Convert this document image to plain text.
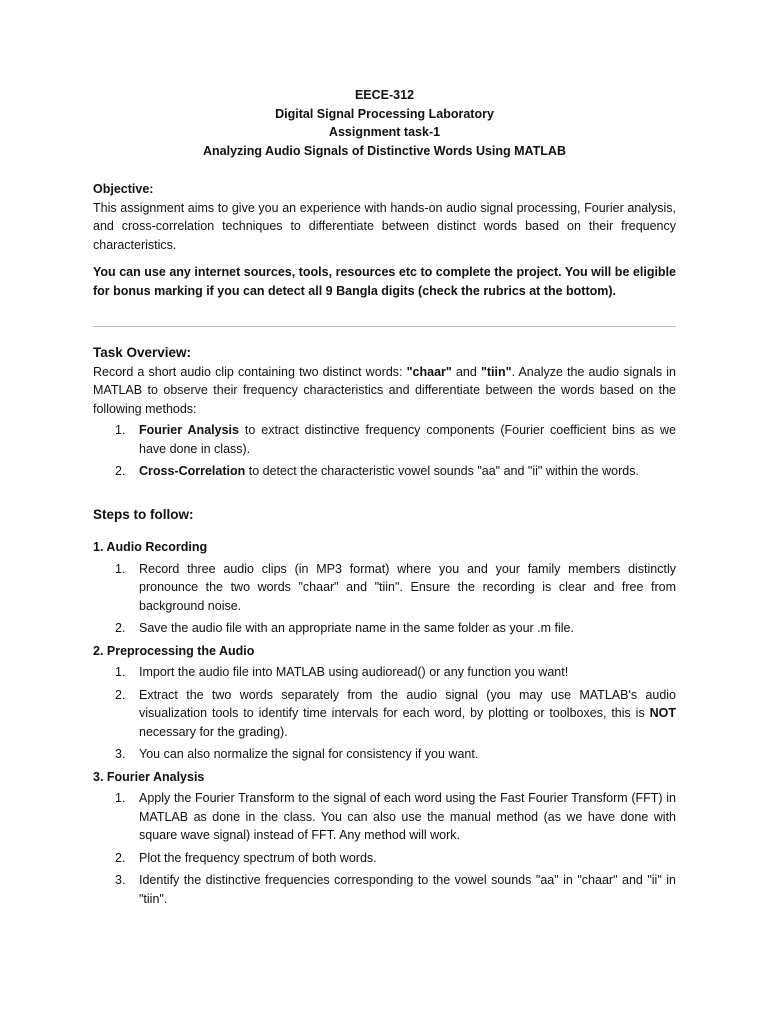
EECE-312
Digital Signal Processing Laboratory
Assignment task-1
Analyzing Audio Signals of Distinctive Words Using MATLAB
Objective:
This assignment aims to give you an experience with hands-on audio signal processing, Fourier analysis, and cross-correlation techniques to differentiate between distinct words based on their frequency characteristics.
You can use any internet sources, tools, resources etc to complete the project. You will be eligible for bonus marking if you can detect all 9 Bangla digits (check the rubrics at the bottom).
Task Overview:
Record a short audio clip containing two distinct words: "chaar" and "tiin". Analyze the audio signals in MATLAB to observe their frequency characteristics and differentiate between the words based on the following methods:
1. Fourier Analysis to extract distinctive frequency components (Fourier coefficient bins as we have done in class).
2. Cross-Correlation to detect the characteristic vowel sounds "aa" and "ii" within the words.
Steps to follow:
1. Audio Recording
1. Record three audio clips (in MP3 format) where you and your family members distinctly pronounce the two words "chaar" and "tiin". Ensure the recording is clear and free from background noise.
2. Save the audio file with an appropriate name in the same folder as your .m file.
2. Preprocessing the Audio
1. Import the audio file into MATLAB using audioread() or any function you want!
2. Extract the two words separately from the audio signal (you may use MATLAB's audio visualization tools to identify time intervals for each word, by plotting or toolboxes, this is NOT necessary for the grading).
3. You can also normalize the signal for consistency if you want.
3. Fourier Analysis
1. Apply the Fourier Transform to the signal of each word using the Fast Fourier Transform (FFT) in MATLAB as done in the class. You can also use the manual method (as we have done with square wave signal) instead of FFT. Any method will work.
2. Plot the frequency spectrum of both words.
3. Identify the distinctive frequencies corresponding to the vowel sounds "aa" in "chaar" and "ii" in "tiin".
